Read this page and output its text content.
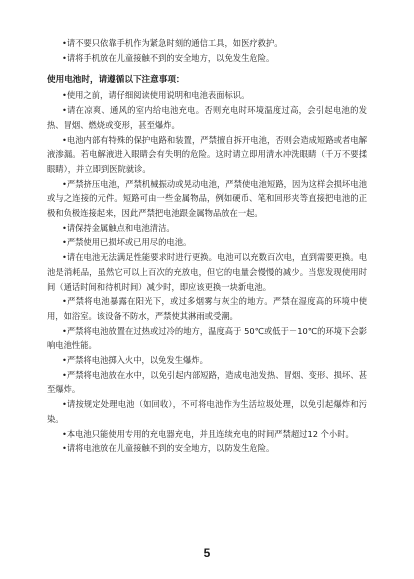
•请不要只依靠手机作为紧急时刻的通信工具，如医疗救护。

•请将手机放在儿童接触不到的安全地方，以免发生危险。

使用电池时，请遵循以下注意事项：

•使用之前，请仔细阅读使用说明和电池表面标识。

•请在凉爽、通风的室内给电池充电。否则充电时环境温度过高，会引起电池的发热、冒烟、燃烧或变形，甚至爆炸。

•电池内部有特殊的保护电路和装置，严禁擅自拆开电池，否则会造成短路或者电解液渗漏。若电解液进入眼睛会有失明的危险。这时请立即用清水冲洗眼睛（千万不要揉眼睛），并立即到医院就诊。

•严禁挤压电池，严禁机械振动或晃动电池，严禁使电池短路，因为这样会损坏电池或与之连接的元件。短路可由一些金属物品，例如硬币、笔和回形夹等直接把电池的正极和负极连接起来，因此严禁把电池跟金属物品放在一起。

•请保持金属触点和电池清洁。

•严禁使用已损坏或已用尽的电池。

•请在电池无法满足性能要求时进行更换。电池可以充数百次电，直到需要更换。电池是消耗品，虽然它可以上百次的充放电，但它的电量会慢慢的减少。当您发现使用时间（通话时间和待机时间）减少时，即应该更换一块新电池。

•严禁将电池暴露在阳光下，或过多烟雾与灰尘的地方。严禁在湿度高的环境中使用，如浴室。该设备不防水，严禁使其淋雨或受潮。

•严禁将电池放置在过热或过冷的地方，温度高于 50℃或低于－10℃的环境下会影响电池性能。

•严禁将电池掷入火中，以免发生爆炸。

•严禁将电池放在水中，以免引起内部短路，造成电池发热、冒烟、变形、损坏、甚至爆炸。

•请按规定处理电池（如回收），不可将电池作为生活垃圾处理，以免引起爆炸和污染。

•本电池只能使用专用的充电器充电，并且连续充电的时间严禁超过12 个小时。

•请将电池放在儿童接触不到的安全地方，以防发生危险。

5
